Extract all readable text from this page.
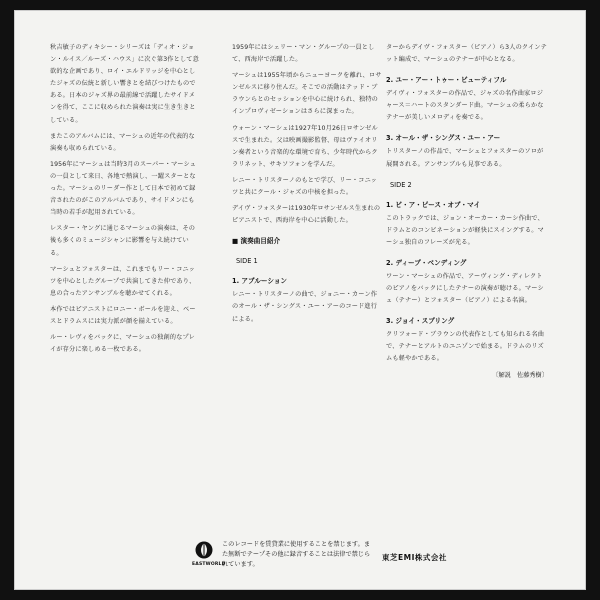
秋吉敏子のディキシー・シリーズは「ディオ・ジョン・ルイス／ルーズ・ハウス」に次ぐ第3作として意欲的な企画であり、ロイ・エルドリッジを中心としたジャズの伝統と新しい響きとを結びつけたものである。日本のジャズ界の最前線で活躍したサイドメンを得て、ここに収められた演奏は実に生き生きとしている。

またこのアルバムには、マーシュの近年の代表的な演奏も収められている。

1956年にマーシュは当時3月のスーパー・マーシュの一員として来日、各地で熱演し、一躍スターとなった。マーシュのリーダー作として日本で初めて録音されたのがこのアルバムであり、サイドメンにも当時の若手が起用されている。

レスター・ヤングに通じるマーシュの演奏は、その後も多くのミュージシャンに影響を与え続けている。

マーシュとフォスターは、これまでもリー・コニッツを中心としたグループで共演してきた仲であり、息の合ったアンサンブルを聴かせてくれる。

本作ではピアニストにロニー・ボールを迎え、ベースとドラムスには実力派が顔を揃えている。

ルー・レヴィをバックに、マーシュの独創的なプレイが存分に楽しめる一枚である。

1959年にはシェリー・マン・グループの一員として、西海岸で活躍した。

マーシュは1955年頃からニューヨークを離れ、ロサンゼルスに移り住んだ。そこでの活動はテッド・ブラウンらとのセッションを中心に続けられ、独特のインプロヴィゼーションはさらに深まった。

ウォーン・マーシュは1927年10月26日ロサンゼルスで生まれた。父は映画撮影監督、母はヴァイオリン奏者という音楽的な環境で育ち、少年時代からクラリネット、サキソフォンを学んだ。

レニー・トリスターノのもとで学び、リー・コニッツと共にクール・ジャズの中核を担った。

デイヴ・フォスターは1930年ロサンゼルス生まれのピアニストで、西海岸を中心に活動した。

■ 演奏曲目紹介
SIDE 1
1. アブルーション

レニー・トリスターノの曲で、ジョニー・カーン作のオール・ザ・シングス・ユー・アーのコード進行による。

ターからデイヴ・フォスター（ピアノ）ら3人のクインテット編成で、マーシュのテナーが中心となる。

2. ユー・アー・トゥー・ビューティフル

デイヴィ・フォスターの作品で、ジャズの名作曲家ロジャース＝ハートのスタンダード曲。マーシュの柔らかなテナーが美しいメロディを奏でる。

3. オール・ザ・シングス・ユー・アー

トリスターノの作品で、マーシュとフォスターのソロが展開される。アンサンブルも見事である。

SIDE 2
1. ビ・ア・ピース・オブ・マイ

このトラックでは、ジョン・オーカー・カーシ作曲で、ドラムとのコンビネーションが軽快にスイングする。マーシュ独自のフレーズが光る。

2. ディープ・ベンディング

ワーン・マーシュの作品で、アーヴィング・ディレクトのピアノをバックにしたテナーの演奏が聴ける。マーシュ（テナー）とフォスター（ピアノ）による名演。

3. ジョイ・スプリング

クリフォード・ブラウンの代表作としても知られる名曲で、テナーとアルトのユニゾンで始まる。ドラムのリズムも軽やかである。

〔解説　佐藤秀樹〕
EASTWORLD
このレコードを賃貸業に使用することを禁じます。また無断でテープその他に録音することは法律で禁じられています。
東芝EMI株式会社
